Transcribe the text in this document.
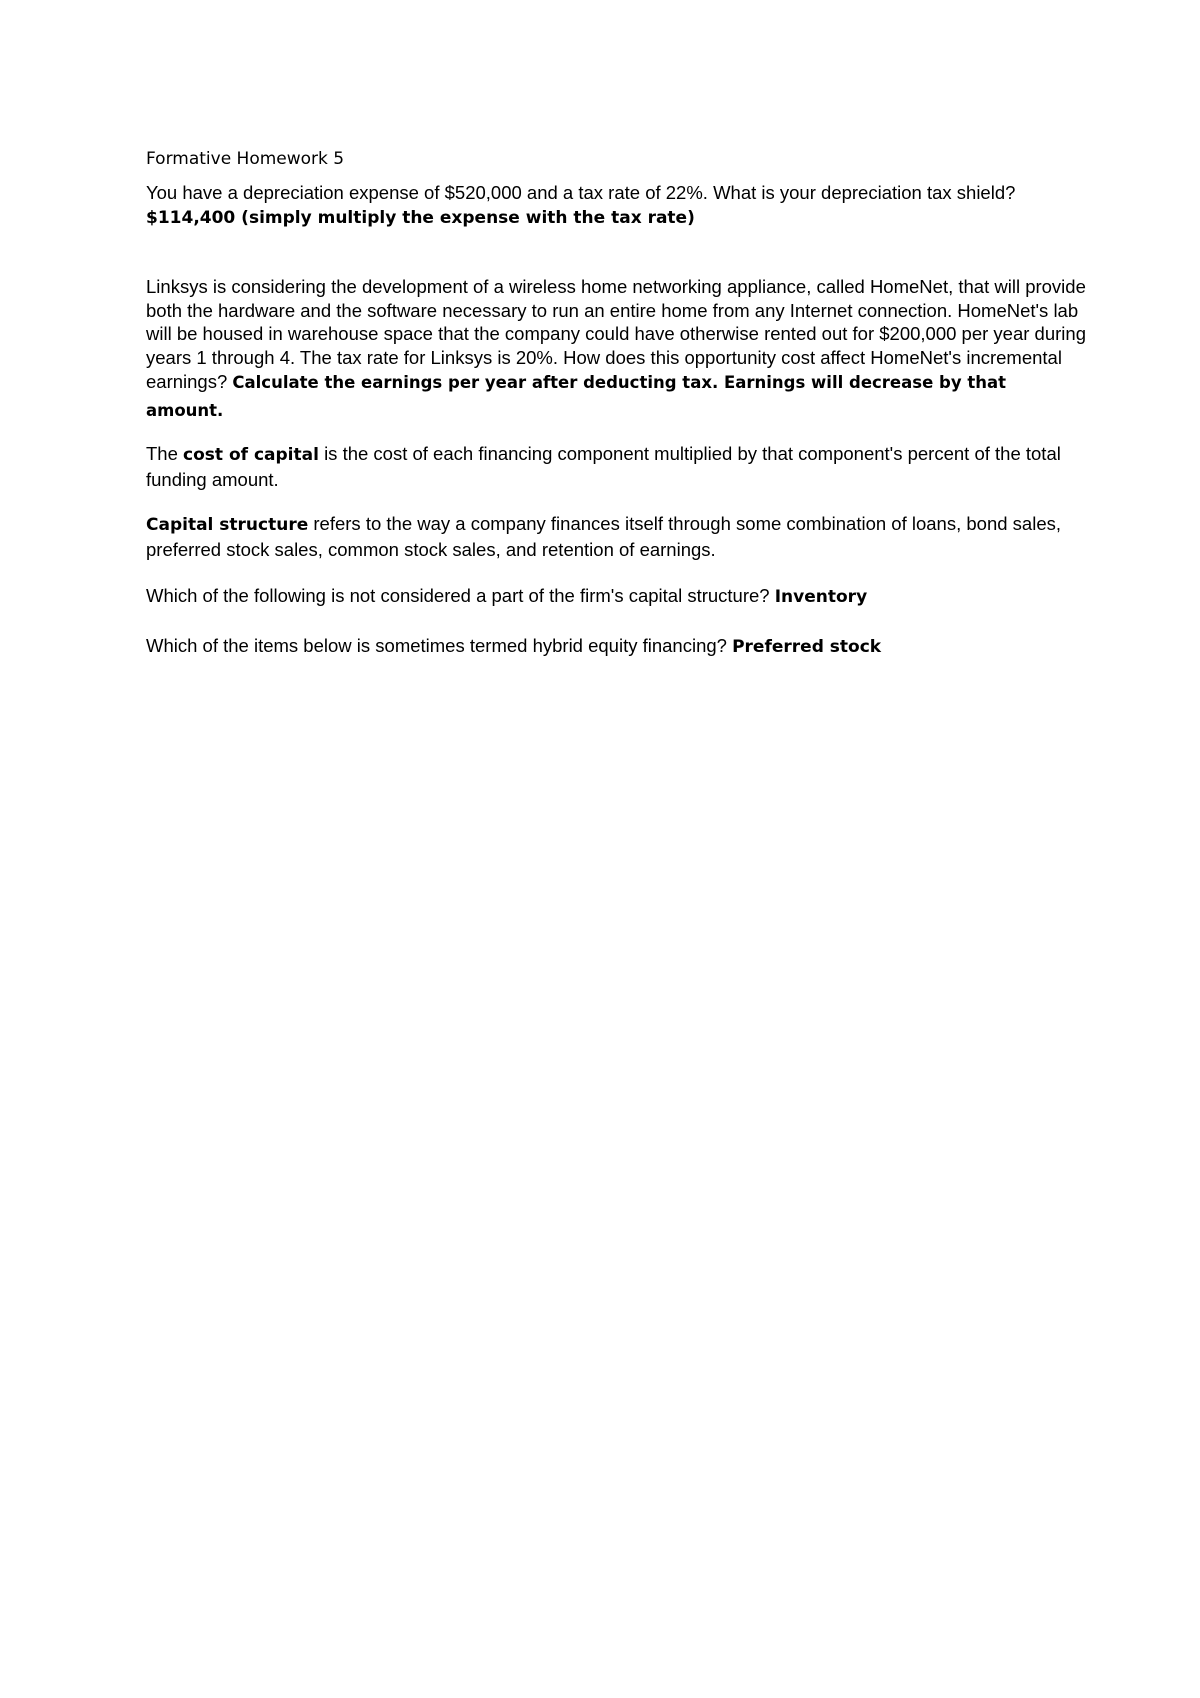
Formative Homework 5

You have a depreciation expense of $520,000 and a tax rate of 22%. What is your depreciation tax shield? $114,400 (simply multiply the expense with the tax rate)

Linksys is considering the development of a wireless home networking appliance, called HomeNet, that will provide both the hardware and the software necessary to run an entire home from any Internet connection. HomeNet's lab will be housed in warehouse space that the company could have otherwise rented out for $200,000 per year during years 1 through 4. The tax rate for Linksys is 20%. How does this opportunity cost affect HomeNet's incremental earnings? Calculate the earnings per year after deducting tax. Earnings will decrease by that amount.

The cost of capital is the cost of each financing component multiplied by that component's percent of the total funding amount.

Capital structure refers to the way a company finances itself through some combination of loans, bond sales, preferred stock sales, common stock sales, and retention of earnings.

Which of the following is not considered a part of the firm's capital structure? Inventory

Which of the items below is sometimes termed hybrid equity financing? Preferred stock
